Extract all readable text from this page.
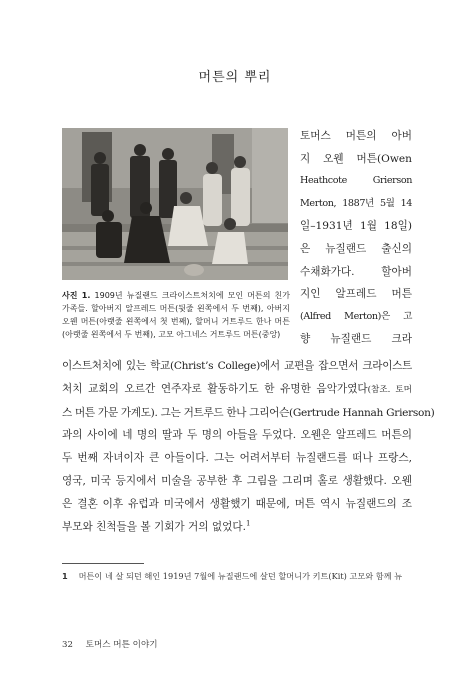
머튼의 뿌리
사진 1. 1909년 뉴질랜드 크라이스트처치에 모인 머튼의 친가 가족들. 할아버지 알프레드 머튼(뒷줄 왼쪽에서 두 번째), 아버지 오웬 머튼(아랫줄 왼쪽에서 첫 번째), 할머니 거트루드 한나 머튼(아랫줄 왼쪽에서 두 번째), 고모 아그네스 거트루드 머튼(중앙)
토머스 머튼의 아버
지 오웬 머튼(Owen
Heathcote Grierson
Merton, 1887년 5월 14
일–1931년 1월 18일)
은 뉴질랜드 출신의
수채화가다. 할아버
지인 알프레드 머튼
(Alfred Merton)은 고
향 뉴질랜드 크라
이스트처치에 있는 학교(Christ’s College)에서 교편을 잡으면서 크라이스트
처치 교회의 오르간 연주자로 활동하기도 한 유명한 음악가였다(참조. 토머
스 머튼 가문 가계도). 그는 거트루드 한나 그리어슨(Gertrude Hannah Grierson)
과의 사이에 네 명의 딸과 두 명의 아들을 두었다. 오웬은 알프레드 머튼의
두 번째 자녀이자 큰 아들이다. 그는 어려서부터 뉴질랜드를 떠나 프랑스,
영국, 미국 등지에서 미술을 공부한 후 그림을 그리며 홀로 생활했다. 오웬
은 결혼 이후 유럽과 미국에서 생활했기 때문에, 머튼 역시 뉴질랜드의 조
부모와 친척들을 볼 기회가 거의 없었다.$^1$
1 머튼이 네 살 되던 해인 1919년 7월에 뉴질랜드에 살던 할머니가 키트(Kit) 고모와 함께 뉴
32 토머스 머튼 이야기
